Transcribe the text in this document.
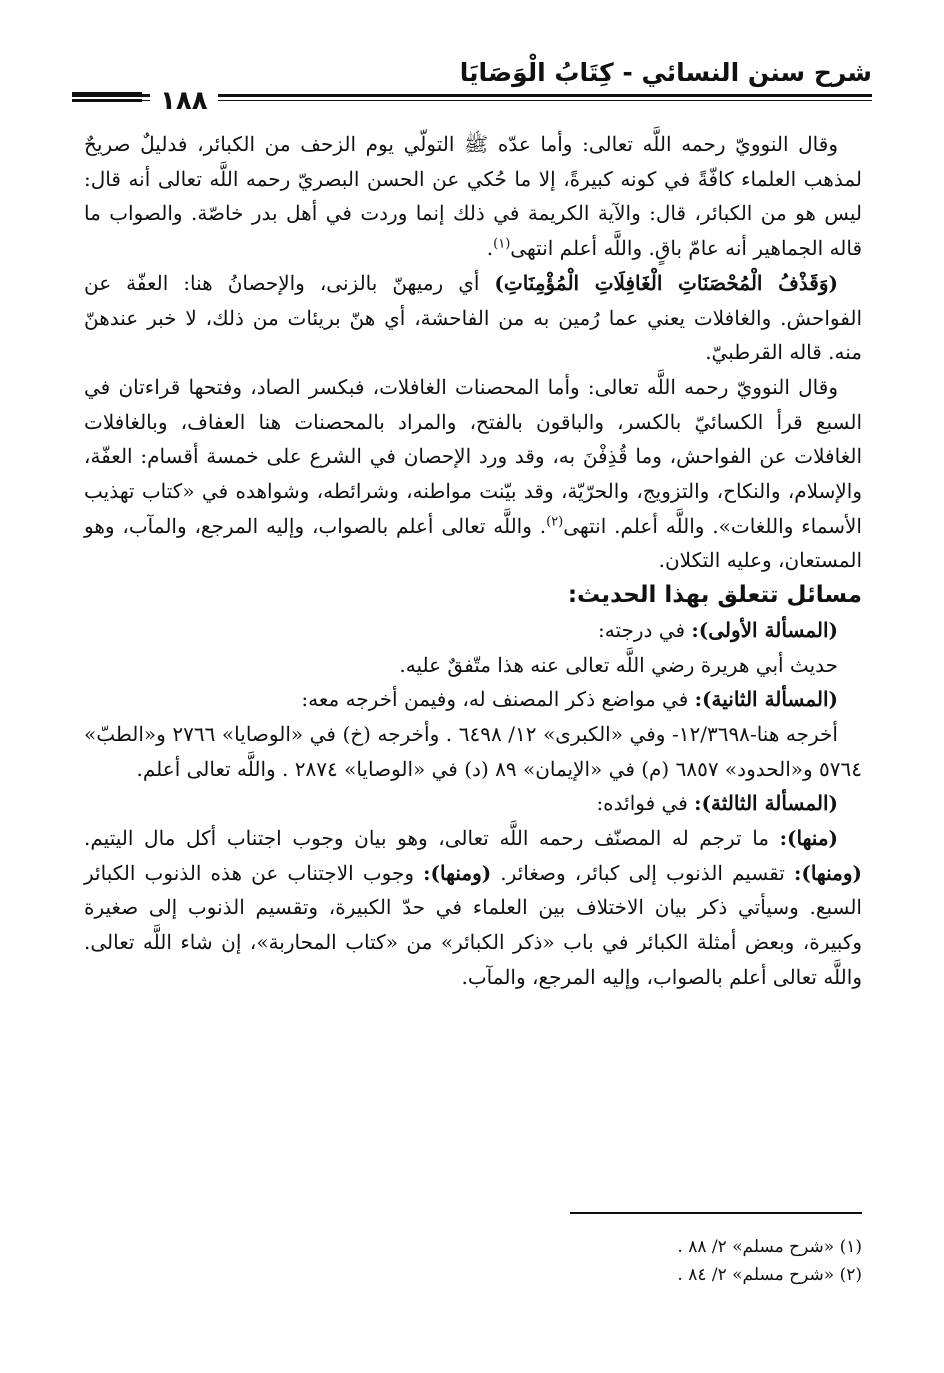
شرح سنن النسائي - كِتَابُ الْوَصَايَا
١٨٨

وقال النوويّ رحمه اللَّه تعالى: وأما عدّه ﷺ التولّي يوم الزحف من الكبائر، فدليلٌ صريحٌ لمذهب العلماء كافّةً في كونه كبيرةً، إلا ما حُكي عن الحسن البصريّ رحمه اللَّه تعالى أنه قال: ليس هو من الكبائر، قال: والآية الكريمة في ذلك إنما وردت في أهل بدر خاصّة. والصواب ما قاله الجماهير أنه عامّ باقٍ. واللَّه أعلم انتهى$^{(١)}$.

(وَقَذْفُ الْمُحْصَنَاتِ الْغَافِلَاتِ الْمُؤْمِنَاتِ) أي رميهنّ بالزنى، والإحصانُ هنا: العفّة عن الفواحش. والغافلات يعني عما رُمين به من الفاحشة، أي هنّ بريئات من ذلك، لا خبر عندهنّ منه. قاله القرطبيّ.

وقال النوويّ رحمه اللَّه تعالى: وأما المحصنات الغافلات، فبكسر الصاد، وفتحها قراءتان في السبع قرأ الكسائيّ بالكسر، والباقون بالفتح، والمراد بالمحصنات هنا العفاف، وبالغافلات الغافلات عن الفواحش، وما قُذِفْنَ به، وقد ورد الإحصان في الشرع على خمسة أقسام: العفّة، والإسلام، والنكاح، والتزويج، والحرّيّة، وقد بيّنت مواطنه، وشرائطه، وشواهده في «كتاب تهذيب الأسماء واللغات». واللَّه أعلم. انتهى$^{(٢)}$. واللَّه تعالى أعلم بالصواب، وإليه المرجع، والمآب، وهو المستعان، وعليه التكلان.

مسائل تتعلق بهذا الحديث:

(المسألة الأولى): في درجته:

حديث أبي هريرة رضي اللَّه تعالى عنه هذا متّفقٌ عليه.

(المسألة الثانية): في مواضع ذكر المصنف له، وفيمن أخرجه معه:

أخرجه هنا-١٢/٣٦٩٨- وفي «الكبرى» ١٢/ ٦٤٩٨ . وأخرجه (خ) في «الوصايا» ٢٧٦٦ و«الطبّ» ٥٧٦٤ و«الحدود» ٦٨٥٧ (م) في «الإيمان» ٨٩ (د) في «الوصايا» ٢٨٧٤ . واللَّه تعالى أعلم.

(المسألة الثالثة): في فوائده:

(منها): ما ترجم له المصنّف رحمه اللَّه تعالى، وهو بيان وجوب اجتناب أكل مال اليتيم. (ومنها): تقسيم الذنوب إلى كبائر، وصغائر. (ومنها): وجوب الاجتناب عن هذه الذنوب الكبائر السبع. وسيأتي ذكر بيان الاختلاف بين العلماء في حدّ الكبيرة، وتقسيم الذنوب إلى صغيرة وكبيرة، وبعض أمثلة الكبائر في باب «ذكر الكبائر» من «كتاب المحاربة»، إن شاء اللَّه تعالى. واللَّه تعالى أعلم بالصواب، وإليه المرجع، والمآب.

(١) «شرح مسلم» ٢/ ٨٨ .

(٢) «شرح مسلم» ٢/ ٨٤ .
